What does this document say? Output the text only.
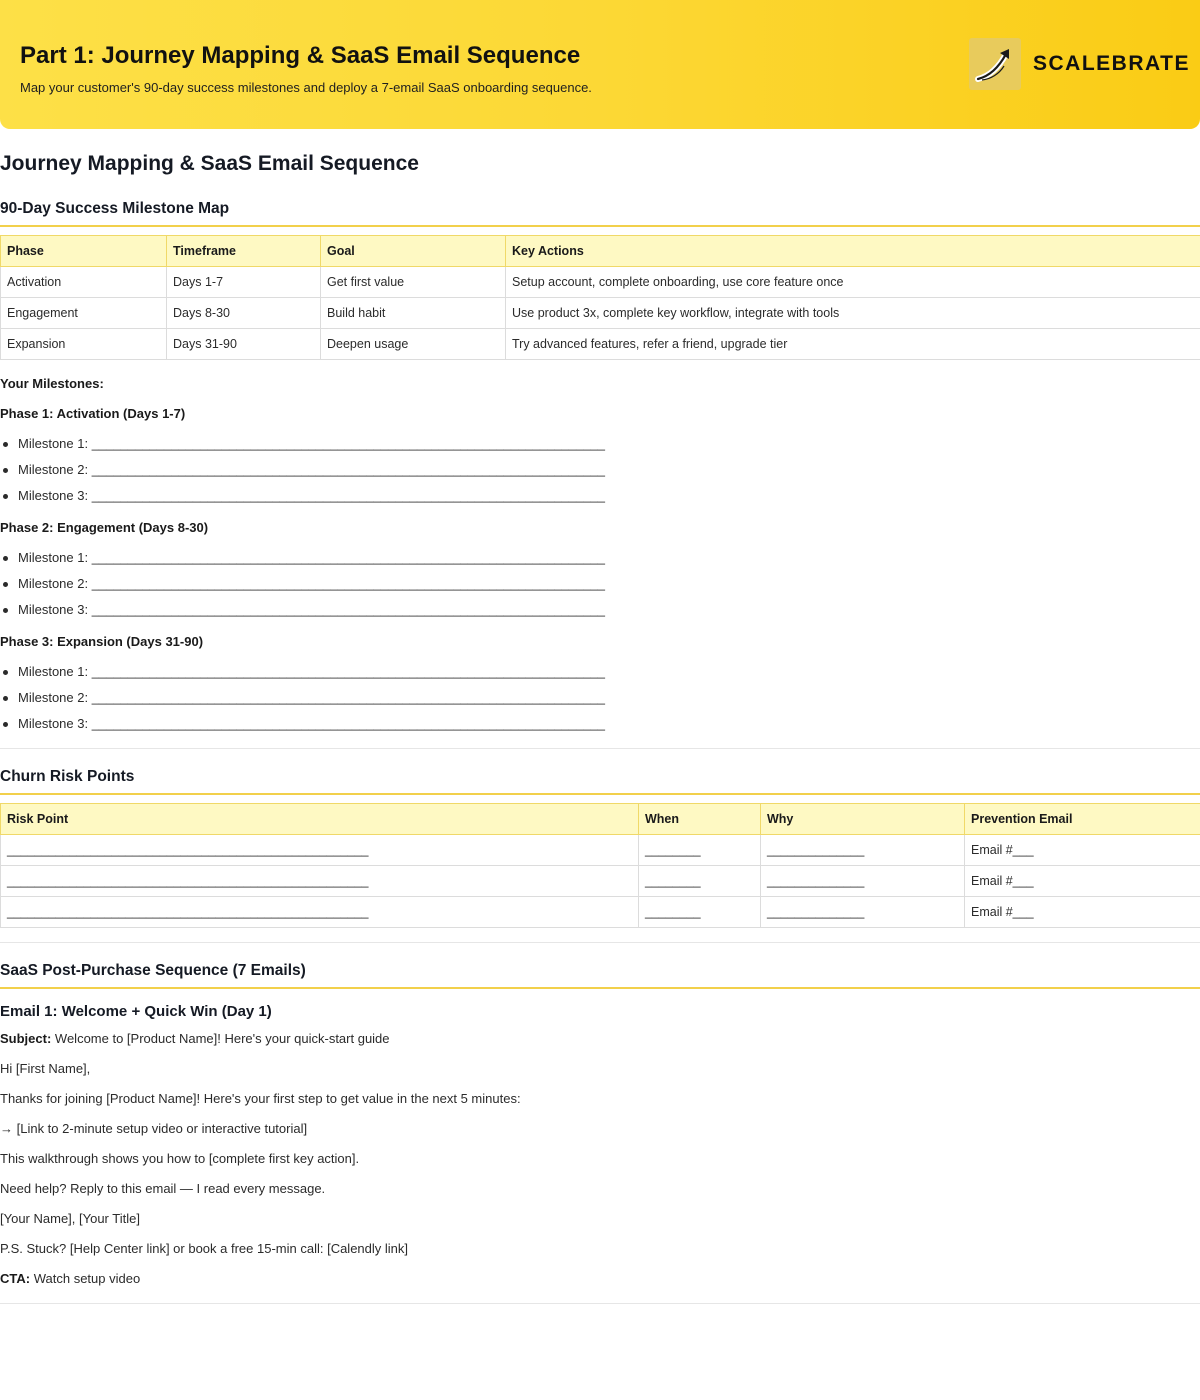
Part 1: Journey Mapping & SaaS Email Sequence
Map your customer's 90-day success milestones and deploy a 7-email SaaS onboarding sequence.
SCALEBRATE
Journey Mapping & SaaS Email Sequence
90-Day Success Milestone Map
Phase	Timeframe	Goal	Key Actions
Activation	Days 1-7	Get first value	Setup account, complete onboarding, use core feature once
Engagement	Days 8-30	Build habit	Use product 3x, complete key workflow, integrate with tools
Expansion	Days 31-90	Deepen usage	Try advanced features, refer a friend, upgrade tier
Your Milestones:
Phase 1: Activation (Days 1-7)
Milestone 1: _______________________________________________________________________
Milestone 2: _______________________________________________________________________
Milestone 3: _______________________________________________________________________
Phase 2: Engagement (Days 8-30)
Milestone 1: _______________________________________________________________________
Milestone 2: _______________________________________________________________________
Milestone 3: _______________________________________________________________________
Phase 3: Expansion (Days 31-90)
Milestone 1: _______________________________________________________________________
Milestone 2: _______________________________________________________________________
Milestone 3: _______________________________________________________________________
Churn Risk Points
Risk Point	When	Why	Prevention Email
____________________________________________________	________	______________	Email #___
____________________________________________________	________	______________	Email #___
____________________________________________________	________	______________	Email #___
SaaS Post-Purchase Sequence (7 Emails)
Email 1: Welcome + Quick Win (Day 1)
Subject: Welcome to [Product Name]! Here's your quick-start guide
Hi [First Name],
Thanks for joining [Product Name]! Here's your first step to get value in the next 5 minutes:
→ [Link to 2-minute setup video or interactive tutorial]
This walkthrough shows you how to [complete first key action].
Need help? Reply to this email — I read every message.
[Your Name], [Your Title]
P.S. Stuck? [Help Center link] or book a free 15-min call: [Calendly link]
CTA: Watch setup video
